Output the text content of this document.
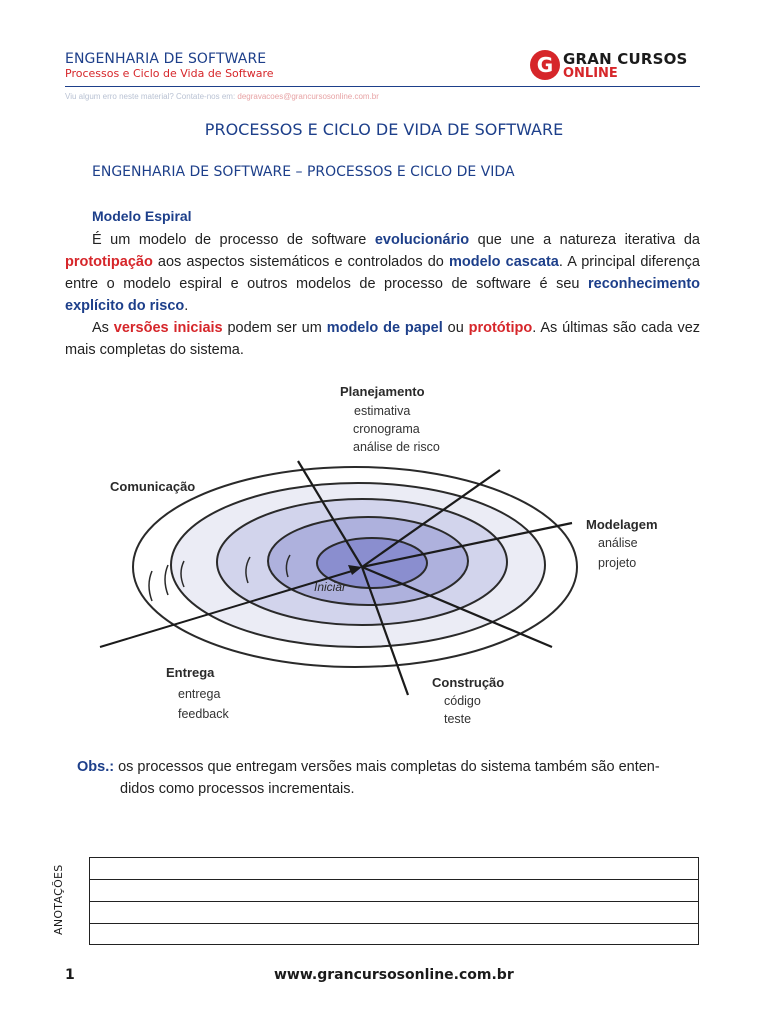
ENGENHARIA DE SOFTWARE
Processos e Ciclo de Vida de Software	G GRAN CURSOS
ONLINE
Viu algum erro neste material? Contate-nos em: degravacoes@grancursosonline.com.br
PROCESSOS E CICLO DE VIDA DE SOFTWARE
ENGENHARIA DE SOFTWARE – PROCESSOS E CICLO DE VIDA
Modelo Espiral
É um modelo de processo de software evolucionário que une a natureza iterativa da prototipação aos aspectos sistemáticos e controlados do modelo cascata. A principal diferença entre o modelo espiral e outros modelos de processo de software é seu reconhecimento explícito do risco.
As versões iniciais podem ser um modelo de papel ou protótipo. As últimas são cada vez mais completas do sistema.
Planejamento
estimativa
cronograma
análise de risco
Comunicação
Modelagem
análise
projeto
Iniciar
Entrega
entrega
feedback
Construção
código
teste
Obs.: os processos que entregam versões mais completas do sistema também são enten-
didos como processos incrementais.
ANOTAÇÕES
1	www.grancursosonline.com.br
